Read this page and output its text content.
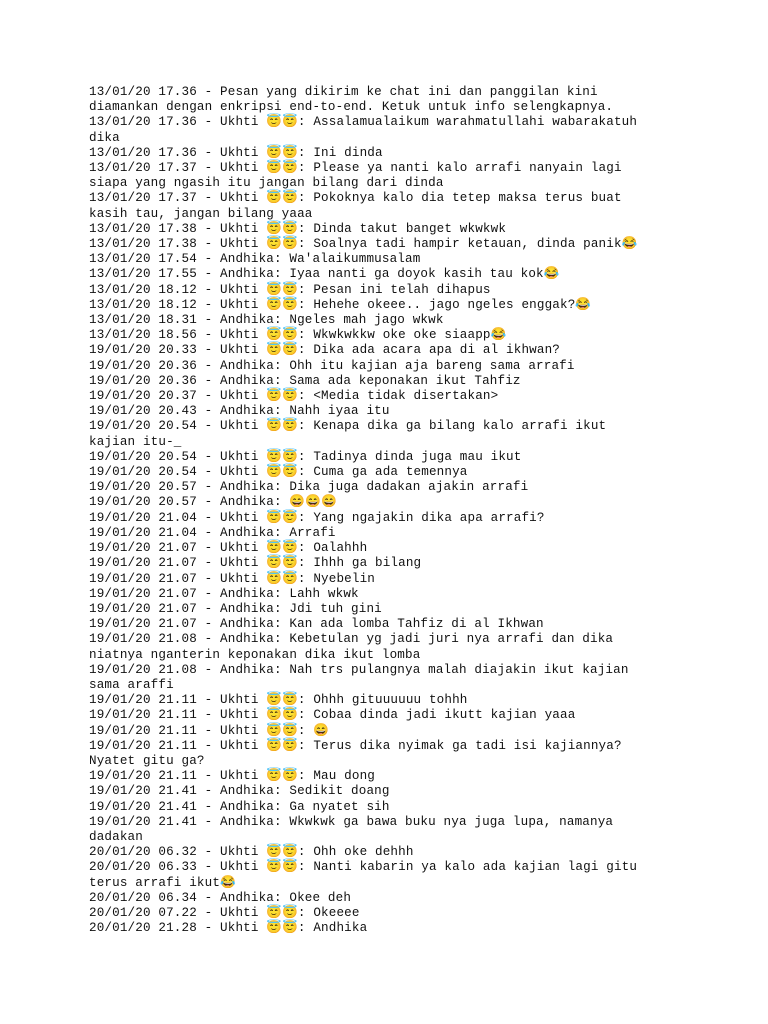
13/01/20 17.36 - Pesan yang dikirim ke chat ini dan panggilan kini
diamankan dengan enkripsi end-to-end. Ketuk untuk info selengkapnya.
13/01/20 17.36 - Ukhti 😇😇: Assalamualaikum warahmatullahi wabarakatuh
dika
13/01/20 17.36 - Ukhti 😇😇: Ini dinda
13/01/20 17.37 - Ukhti 😇😇: Please ya nanti kalo arrafi nanyain lagi
siapa yang ngasih itu jangan bilang dari dinda
13/01/20 17.37 - Ukhti 😇😇: Pokoknya kalo dia tetep maksa terus buat
kasih tau, jangan bilang yaaa
13/01/20 17.38 - Ukhti 😇😇: Dinda takut banget wkwkwk
13/01/20 17.38 - Ukhti 😇😇: Soalnya tadi hampir ketauan, dinda panik😂
13/01/20 17.54 - Andhika: Wa'alaikummusalam
13/01/20 17.55 - Andhika: Iyaa nanti ga doyok kasih tau kok😂
13/01/20 18.12 - Ukhti 😇😇: Pesan ini telah dihapus
13/01/20 18.12 - Ukhti 😇😇: Hehehe okeee.. jago ngeles enggak?😂
13/01/20 18.31 - Andhika: Ngeles mah jago wkwk
13/01/20 18.56 - Ukhti 😇😇: Wkwkwkkw oke oke siaapp😂
19/01/20 20.33 - Ukhti 😇😇: Dika ada acara apa di al ikhwan?
19/01/20 20.36 - Andhika: Ohh itu kajian aja bareng sama arrafi
19/01/20 20.36 - Andhika: Sama ada keponakan ikut Tahfiz
19/01/20 20.37 - Ukhti 😇😇: <Media tidak disertakan>
19/01/20 20.43 - Andhika: Nahh iyaa itu
19/01/20 20.54 - Ukhti 😇😇: Kenapa dika ga bilang kalo arrafi ikut
kajian itu-_
19/01/20 20.54 - Ukhti 😇😇: Tadinya dinda juga mau ikut
19/01/20 20.54 - Ukhti 😇😇: Cuma ga ada temennya
19/01/20 20.57 - Andhika: Dika juga dadakan ajakin arrafi
19/01/20 20.57 - Andhika: 😄😄😄
19/01/20 21.04 - Ukhti 😇😇: Yang ngajakin dika apa arrafi?
19/01/20 21.04 - Andhika: Arrafi
19/01/20 21.07 - Ukhti 😇😇: Oalahhh
19/01/20 21.07 - Ukhti 😇😇: Ihhh ga bilang
19/01/20 21.07 - Ukhti 😇😇: Nyebelin
19/01/20 21.07 - Andhika: Lahh wkwk
19/01/20 21.07 - Andhika: Jdi tuh gini
19/01/20 21.07 - Andhika: Kan ada lomba Tahfiz di al Ikhwan
19/01/20 21.08 - Andhika: Kebetulan yg jadi juri nya arrafi dan dika
niatnya nganterin keponakan dika ikut lomba
19/01/20 21.08 - Andhika: Nah trs pulangnya malah diajakin ikut kajian
sama araffi
19/01/20 21.11 - Ukhti 😇😇: Ohhh gituuuuuu tohhh
19/01/20 21.11 - Ukhti 😇😇: Cobaa dinda jadi ikutt kajian yaaa
19/01/20 21.11 - Ukhti 😇😇: 😄
19/01/20 21.11 - Ukhti 😇😇: Terus dika nyimak ga tadi isi kajiannya?
Nyatet gitu ga?
19/01/20 21.11 - Ukhti 😇😇: Mau dong
19/01/20 21.41 - Andhika: Sedikit doang
19/01/20 21.41 - Andhika: Ga nyatet sih
19/01/20 21.41 - Andhika: Wkwkwk ga bawa buku nya juga lupa, namanya
dadakan
20/01/20 06.32 - Ukhti 😇😇: Ohh oke dehhh
20/01/20 06.33 - Ukhti 😇😇: Nanti kabarin ya kalo ada kajian lagi gitu
terus arrafi ikut😂
20/01/20 06.34 - Andhika: Okee deh
20/01/20 07.22 - Ukhti 😇😇: Okeeee
20/01/20 21.28 - Ukhti 😇😇: Andhika
